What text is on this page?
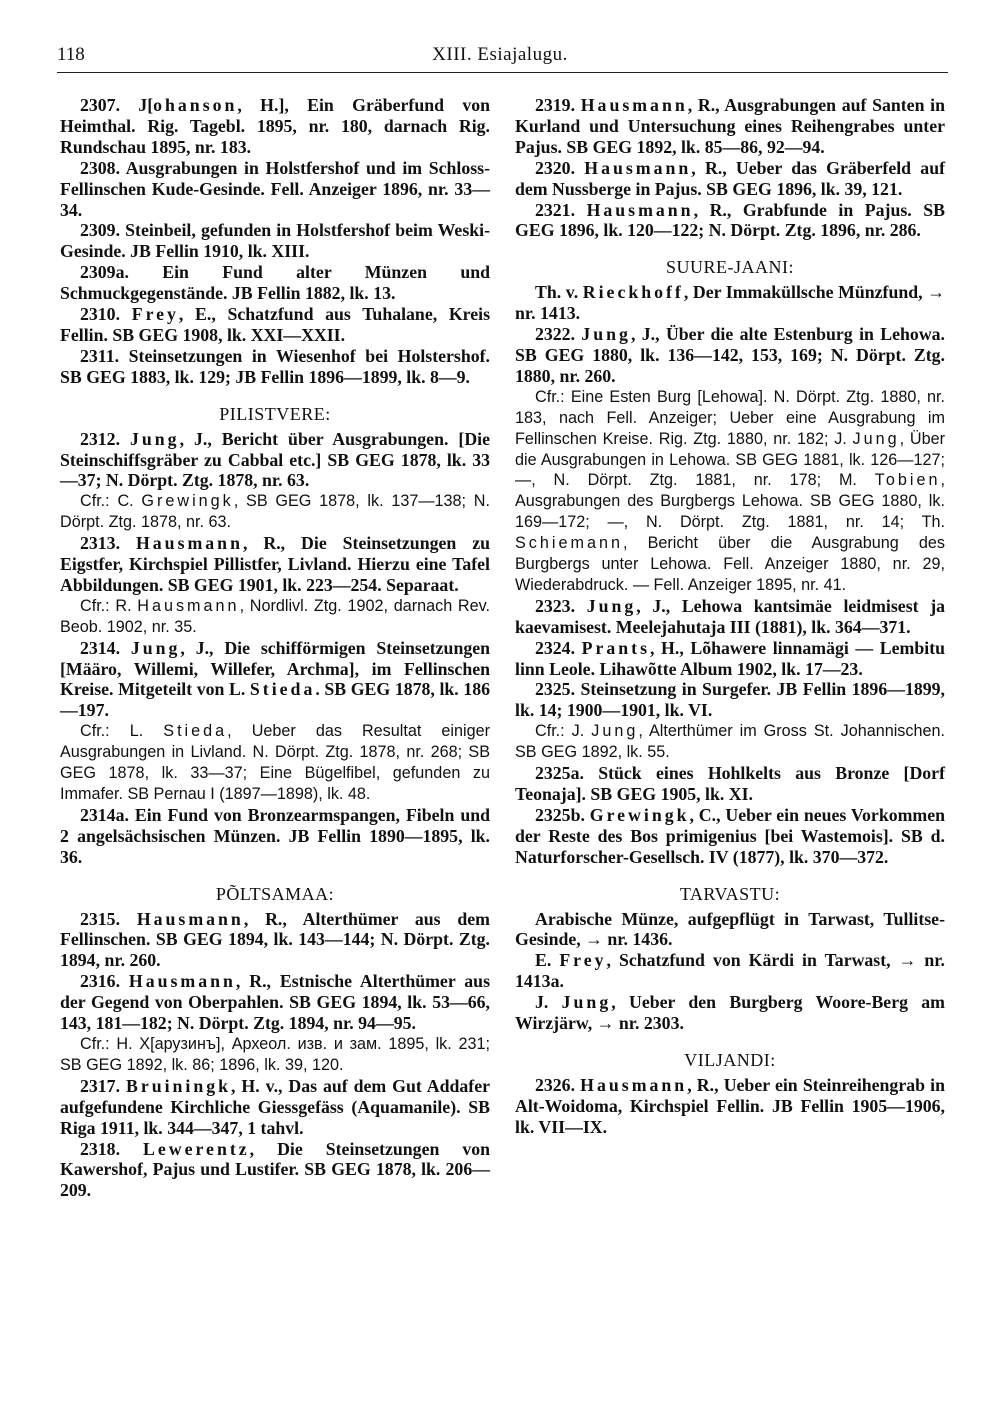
118	XIII. Esiajalugu.

2307. J[ohanson, H.], Ein Gräberfund von Heimthal. Rig. Tagebl. 1895, nr. 180, darnach Rig. Rundschau 1895, nr. 183.

2308. Ausgrabungen in Holstfershof und im Schloss-Fellinschen Kude-Gesinde. Fell. Anzeiger 1896, nr. 33—34.

2309. Steinbeil, gefunden in Holstfershof beim Weski-Gesinde. JB Fellin 1910, lk. XIII.

2309a. Ein Fund alter Münzen und Schmuckgegenstände. JB Fellin 1882, lk. 13.

2310. Frey, E., Schatzfund aus Tuhalane, Kreis Fellin. SB GEG 1908, lk. XXI—XXII.

2311. Steinsetzungen in Wiesenhof bei Holstershof. SB GEG 1883, lk. 129; JB Fellin 1896—1899, lk. 8—9.

PILISTVERE:

2312. Jung, J., Bericht über Ausgrabungen. [Die Steinschiffsgräber zu Cabbal etc.] SB GEG 1878, lk. 33—37; N. Dörpt. Ztg. 1878, nr. 63.

Cfr.: C. Grewingk, SB GEG 1878, lk. 137—138; N. Dörpt. Ztg. 1878, nr. 63.

2313. Hausmann, R., Die Steinsetzungen zu Eigstfer, Kirchspiel Pillistfer, Livland. Hierzu eine Tafel Abbildungen. SB GEG 1901, lk. 223—254. Separaat.

Cfr.: R. Hausmann, Nordlivl. Ztg. 1902, darnach Rev. Beob. 1902, nr. 35.

2314. Jung, J., Die schifförmigen Steinsetzungen [Määro, Willemi, Willefer, Archma], im Fellinschen Kreise. Mitgeteilt von L. Stieda. SB GEG 1878, lk. 186—197.

Cfr.: L. Stieda, Ueber das Resultat einiger Ausgrabungen in Livland. N. Dörpt. Ztg. 1878, nr. 268; SB GEG 1878, lk. 33—37; Eine Bügelfibel, gefunden zu Immafer. SB Pernau I (1897—1898), lk. 48.

2314a. Ein Fund von Bronzearmspangen, Fibeln und 2 angelsächsischen Münzen. JB Fellin 1890—1895, lk. 36.

PÕLTSAMAA:

2315. Hausmann, R., Alterthümer aus dem Fellinschen. SB GEG 1894, lk. 143—144; N. Dörpt. Ztg. 1894, nr. 260.

2316. Hausmann, R., Estnische Alterthümer aus der Gegend von Oberpahlen. SB GEG 1894, lk. 53—66, 143, 181—182; N. Dörpt. Ztg. 1894, nr. 94—95.

Cfr.: Н. Х[арузинъ], Археол. изв. и зам. 1895, lk. 231; SB GEG 1892, lk. 86; 1896, lk. 39, 120.

2317. Bruiningk, H. v., Das auf dem Gut Addafer aufgefundene Kirchliche Giessgefäss (Aquamanile). SB Riga 1911, lk. 344—347, 1 tahvl.

2318. Lewerentz, Die Steinsetzungen von Kawershof, Pajus und Lustifer. SB GEG 1878, lk. 206—209.

2319. Hausmann, R., Ausgrabungen auf Santen in Kurland und Untersuchung eines Reihengrabes unter Pajus. SB GEG 1892, lk. 85—86, 92—94.

2320. Hausmann, R., Ueber das Gräberfeld auf dem Nussberge in Pajus. SB GEG 1896, lk. 39, 121.

2321. Hausmann, R., Grabfunde in Pajus. SB GEG 1896, lk. 120—122; N. Dörpt. Ztg. 1896, nr. 286.

SUURE-JAANI:

Th. v. Rieckhoff, Der Immaküllsche Münzfund, → nr. 1413.

2322. Jung, J., Über die alte Estenburg in Lehowa. SB GEG 1880, lk. 136—142, 153, 169; N. Dörpt. Ztg. 1880, nr. 260.

Cfr.: Eine Esten Burg [Lehowa]. N. Dörpt. Ztg. 1880, nr. 183, nach Fell. Anzeiger; Ueber eine Ausgrabung im Fellinschen Kreise. Rig. Ztg. 1880, nr. 182; J. Jung, Über die Ausgrabungen in Lehowa. SB GEG 1881, lk. 126—127; —, N. Dörpt. Ztg. 1881, nr. 178; M. Tobien, Ausgrabungen des Burgbergs Lehowa. SB GEG 1880, lk. 169—172; —, N. Dörpt. Ztg. 1881, nr. 14; Th. Schiemann, Bericht über die Ausgrabung des Burgbergs unter Lehowa. Fell. Anzeiger 1880, nr. 29, Wiederabdruck. — Fell. Anzeiger 1895, nr. 41.

2323. Jung, J., Lehowa kantsimäe leidmisest ja kaevamisest. Meelejahutaja III (1881), lk. 364—371.

2324. Prants, H., Lõhawere linnamägi — Lembitu linn Leole. Lihawõtte Album 1902, lk. 17—23.

2325. Steinsetzung in Surgefer. JB Fellin 1896—1899, lk. 14; 1900—1901, lk. VI.

Cfr.: J. Jung, Alterthümer im Gross St. Johannischen. SB GEG 1892, lk. 55.

2325a. Stück eines Hohlkelts aus Bronze [Dorf Teonaja]. SB GEG 1905, lk. XI.

2325b. Grewingk, C., Ueber ein neues Vorkommen der Reste des Bos primigenius [bei Wastemois]. SB d. Naturforscher-Gesellsch. IV (1877), lk. 370—372.

TARVASTU:

Arabische Münze, aufgepflügt in Tarwast, Tullitse-Gesinde, → nr. 1436.

E. Frey, Schatzfund von Kärdi in Tarwast, → nr. 1413a.

J. Jung, Ueber den Burgberg Woore-Berg am Wirzjärw, → nr. 2303.

VILJANDI:

2326. Hausmann, R., Ueber ein Steinreihengrab in Alt-Woidoma, Kirchspiel Fellin. JB Fellin 1905—1906, lk. VII—IX.
